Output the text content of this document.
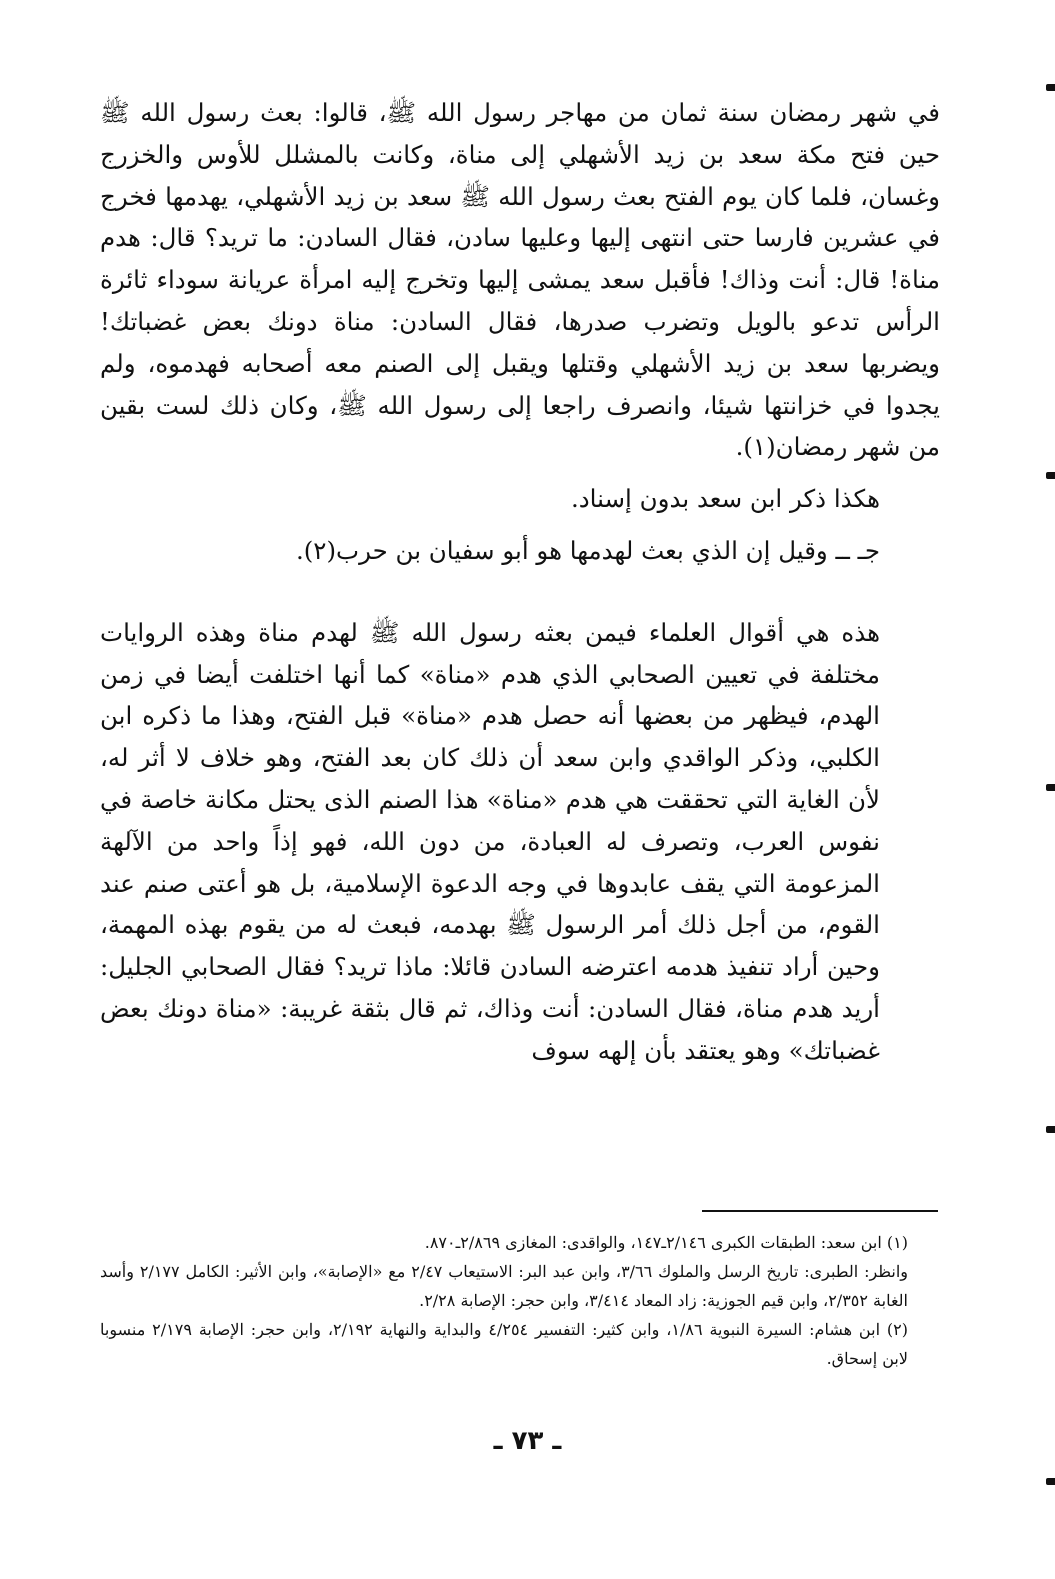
في شهر رمضان سنة ثمان من مهاجر رسول الله ﷺ، قالوا: بعث رسول الله ﷺ حين فتح مكة سعد بن زيد الأشهلي إلى مناة، وكانت بالمشلل للأوس والخزرج وغسان، فلما كان يوم الفتح بعث رسول الله ﷺ سعد بن زيد الأشهلي، يهدمها فخرج في عشرين فارسا حتى انتهى إليها وعليها سادن، فقال السادن: ما تريد؟ قال: هدم مناة! قال: أنت وذاك! فأقبل سعد يمشى إليها وتخرج إليه امرأة عريانة سوداء ثائرة الرأس تدعو بالويل وتضرب صدرها، فقال السادن: مناة دونك بعض غضباتك! ويضربها سعد بن زيد الأشهلي وقتلها ويقبل إلى الصنم معه أصحابه فهدموه، ولم يجدوا في خزانتها شيئا، وانصرف راجعا إلى رسول الله ﷺ، وكان ذلك لست بقين من شهر رمضان(١).

هكذا ذكر ابن سعد بدون إسناد.

جـ ــ وقيل إن الذي بعث لهدمها هو أبو سفيان بن حرب(٢).

هذه هي أقوال العلماء فيمن بعثه رسول الله ﷺ لهدم مناة وهذه الروايات مختلفة في تعيين الصحابي الذي هدم «مناة» كما أنها اختلفت أيضا في زمن الهدم، فيظهر من بعضها أنه حصل هدم «مناة» قبل الفتح، وهذا ما ذكره ابن الكلبي، وذكر الواقدي وابن سعد أن ذلك كان بعد الفتح، وهو خلاف لا أثر له، لأن الغاية التي تحققت هي هدم «مناة» هذا الصنم الذى يحتل مكانة خاصة في نفوس العرب، وتصرف له العبادة، من دون الله، فهو إذاً واحد من الآلهة المزعومة التي يقف عابدوها في وجه الدعوة الإسلامية، بل هو أعتى صنم عند القوم، من أجل ذلك أمر الرسول ﷺ بهدمه، فبعث له من يقوم بهذه المهمة، وحين أراد تنفيذ هدمه اعترضه السادن قائلا: ماذا تريد؟ فقال الصحابي الجليل: أريد هدم مناة، فقال السادن: أنت وذاك، ثم قال بثقة غريبة: «مناة دونك بعض غضباتك» وهو يعتقد بأن إلهه سوف

(١) ابن سعد: الطبقات الكبرى ٢/١٤٦ـ١٤٧، والواقدى: المغازى ٢/٨٦٩ـ٨٧٠.

وانظر: الطبرى: تاريخ الرسل والملوك ٣/٦٦، وابن عبد البر: الاستيعاب ٢/٤٧ مع «الإصابة»، وابن الأثير: الكامل ٢/١٧٧ وأسد الغابة ٢/٣٥٢، وابن قيم الجوزية: زاد المعاد ٣/٤١٤، وابن حجر: الإصابة ٢/٢٨.

(٢) ابن هشام: السيرة النبوية ١/٨٦، وابن كثير: التفسير ٤/٢٥٤ والبداية والنهاية ٢/١٩٢، وابن حجر: الإصابة ٢/١٧٩ منسوبا لابن إسحاق.

ـ ٧٣ ـ
